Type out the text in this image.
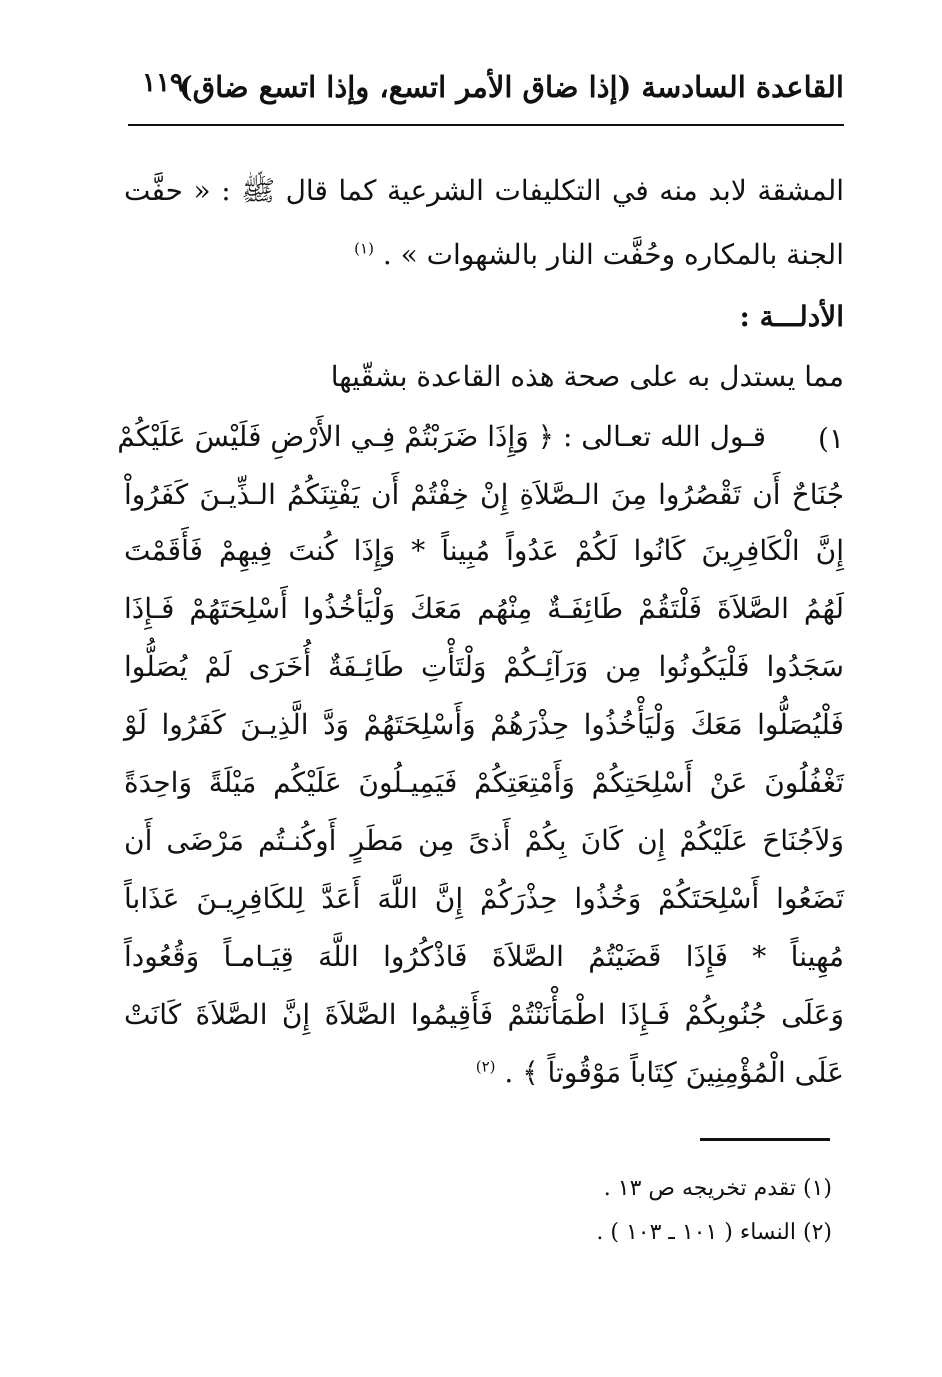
القاعدة السادسة (إذا ضاق الأمر اتسع، وإذا اتسع ضاق)
١١٩
المشقة لابد منه في التكليفات الشرعية كما قال ﷺ : « حفَّت
الجنة بالمكاره وحُفَّت النار بالشهوات » . $^{(١)}$
الأدلـــة :
مما يستدل به على صحة هذه القاعدة بشقّيها
١)
قـول الله تعـالى : ﴿ وَإِذَا ضَرَبْتُمْ فِـي الأَرْضِ فَلَيْسَ عَلَيْكُمْ
جُنَاحٌ أَن تَقْصُرُوا مِنَ الـصَّلاَةِ إِنْ خِفْتُمْ أَن يَفْتِنَكُمُ الـذِّيـنَ كَفَرُواْ
إِنَّ الْكَافِرِينَ كَانُوا لَكُمْ عَدُواً مُبِيناً * وَإِذَا كُنتَ فِيهِمْ فَأَقَمْتَ
لَهُمُ الصَّلاَةَ فَلْتَقُمْ طَائِفَـةٌ مِنْهُم مَعَكَ وَلْيَأخُذُوا أَسْلِحَتَهُمْ فَـإِذَا
سَجَدُوا فَلْيَكُونُوا مِن وَرَآئِـكُمْ وَلْتَأْتِ طَائِـفَةٌ أُخَرَى لَمْ يُصَلُّوا
فَلْيُصَلُّوا مَعَكَ وَلْيَأْخُذُوا حِذْرَهُمْ وَأَسْلِحَتَهُمْ وَدَّ الَّذِيـنَ كَفَرُوا لَوْ
تَغْفُلُونَ عَنْ أَسْلِحَتِكُمْ وَأَمْتِعَتِكُمْ فَيَمِيـلُونَ عَلَيْكُم مَيْلَةً وَاحِدَةً
وَلاَجُنَاحَ عَلَيْكُمْ إِن كَانَ بِكُمْ أَذىً مِن مَطَرٍ أَوكُنـتُم مَرْضَى أَن
تَضَعُوا أَسْلِحَتَكُمْ وَخُذُوا حِذْرَكُمْ إِنَّ اللَّهَ أَعَدَّ لِلكَافِرِيـنَ عَذَاباً
مُهِيناً * فَإِذَا قَضَيْتُمُ الصَّلاَةَ فَاذْكُرُوا اللَّهَ قِيَـامـاً وَقُعُوداً
وَعَلَى جُنُوبِكُمْ فَـإِذَا اطْمَأْنَنْتُمْ فَأَقِيمُوا الصَّلاَةَ إِنَّ الصَّلاَةَ كَانَتْ
عَلَى الْمُؤْمِنِينَ كِتَاباً مَوْقُوتاً ﴾ . $^{(٢)}$
(١) تقدم تخريجه ص ١٣ .
(٢) النساء ( ١٠١ ـ ١٠٣ ) .
